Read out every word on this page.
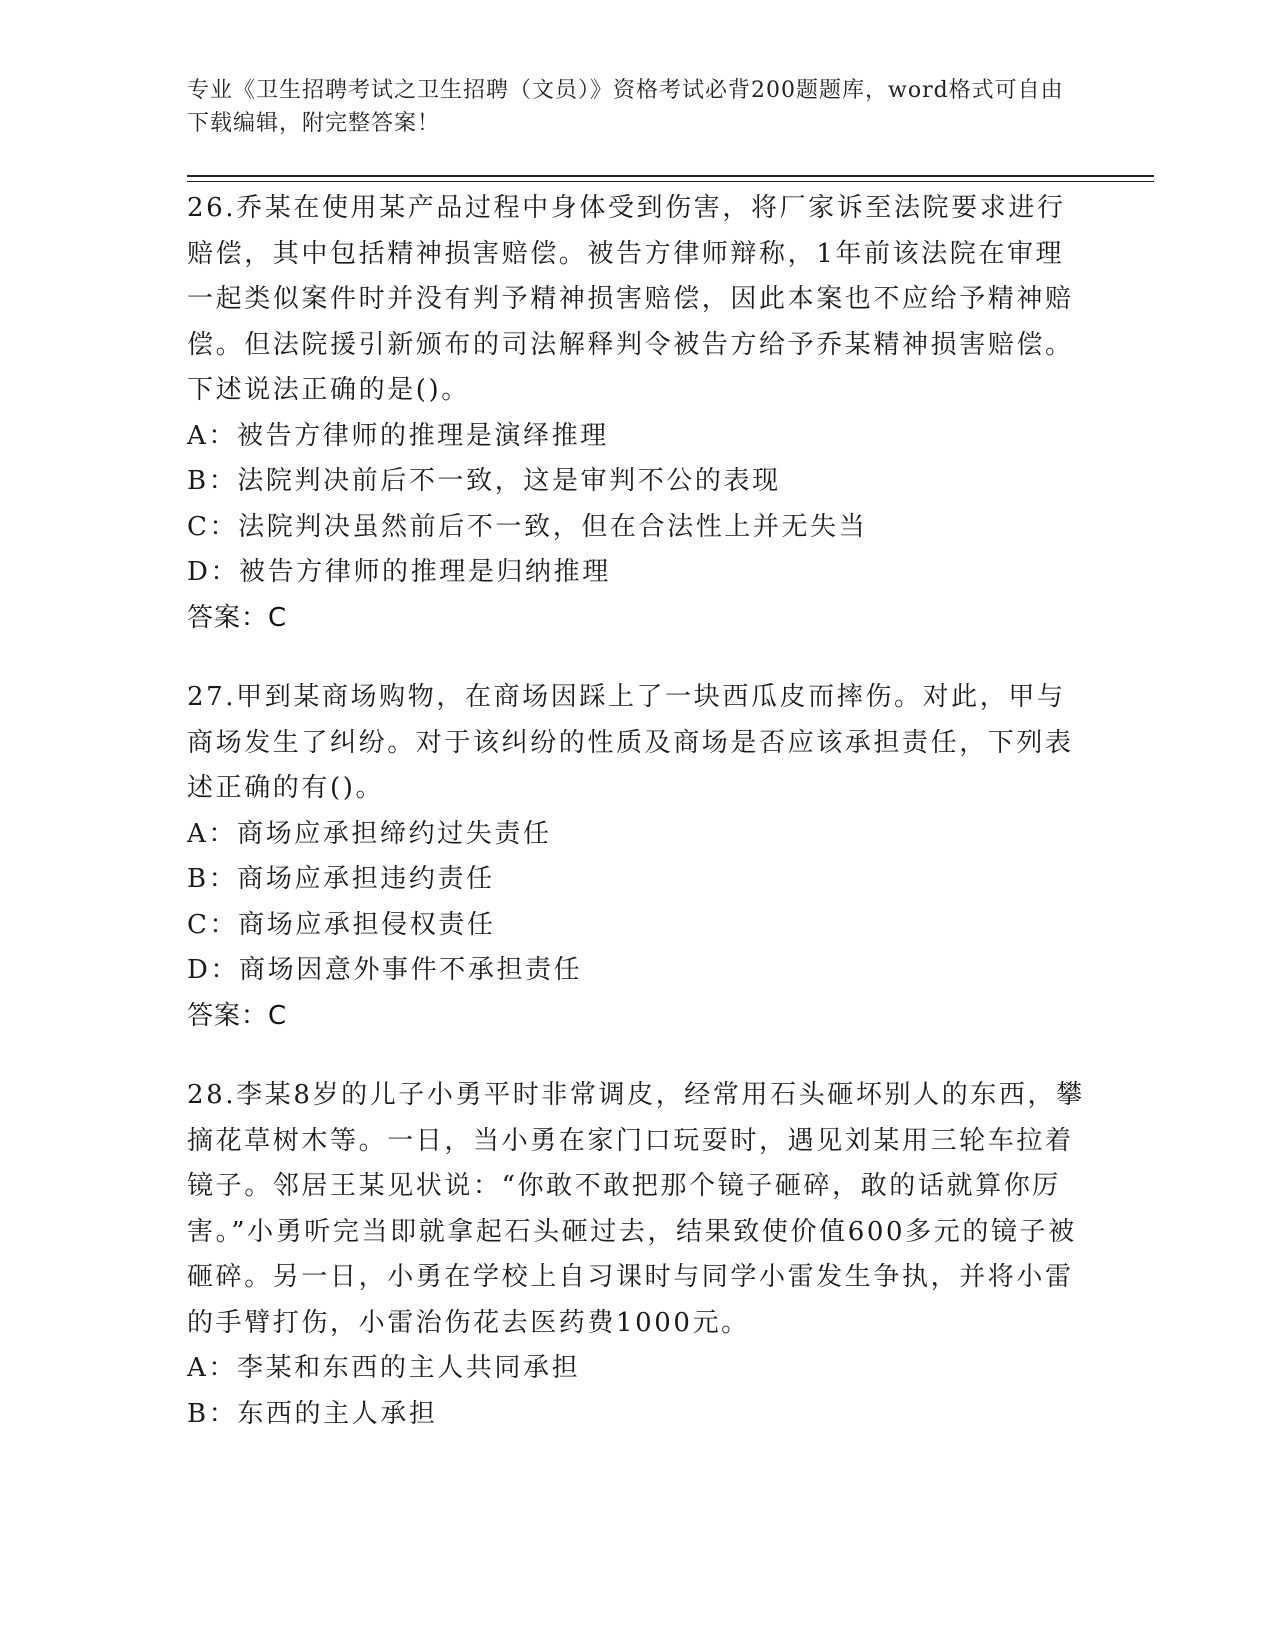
专业《卫生招聘考试之卫生招聘（文员）》资格考试必背200题题库，word格式可自由下载编辑，附完整答案！

26.乔某在使用某产品过程中身体受到伤害，将厂家诉至法院要求进行赔偿，其中包括精神损害赔偿。被告方律师辩称，1年前该法院在审理一起类似案件时并没有判予精神损害赔偿，因此本案也不应给予精神赔偿。但法院援引新颁布的司法解释判令被告方给予乔某精神损害赔偿。下述说法正确的是()。

A：被告方律师的推理是演绎推理

B：法院判决前后不一致，这是审判不公的表现

C：法院判决虽然前后不一致，但在合法性上并无失当

D：被告方律师的推理是归纳推理

答案：C

27.甲到某商场购物，在商场因踩上了一块西瓜皮而摔伤。对此，甲与商场发生了纠纷。对于该纠纷的性质及商场是否应该承担责任，下列表述正确的有()。

A：商场应承担缔约过失责任

B：商场应承担违约责任

C：商场应承担侵权责任

D：商场因意外事件不承担责任

答案：C

28.李某8岁的儿子小勇平时非常调皮，经常用石头砸坏别人的东西，攀摘花草树木等。一日，当小勇在家门口玩耍时，遇见刘某用三轮车拉着镜子。邻居王某见状说：“你敢不敢把那个镜子砸碎，敢的话就算你厉害。”小勇听完当即就拿起石头砸过去，结果致使价值600多元的镜子被砸碎。另一日，小勇在学校上自习课时与同学小雷发生争执，并将小雷的手臂打伤，小雷治伤花去医药费1000元。

A：李某和东西的主人共同承担

B：东西的主人承担
